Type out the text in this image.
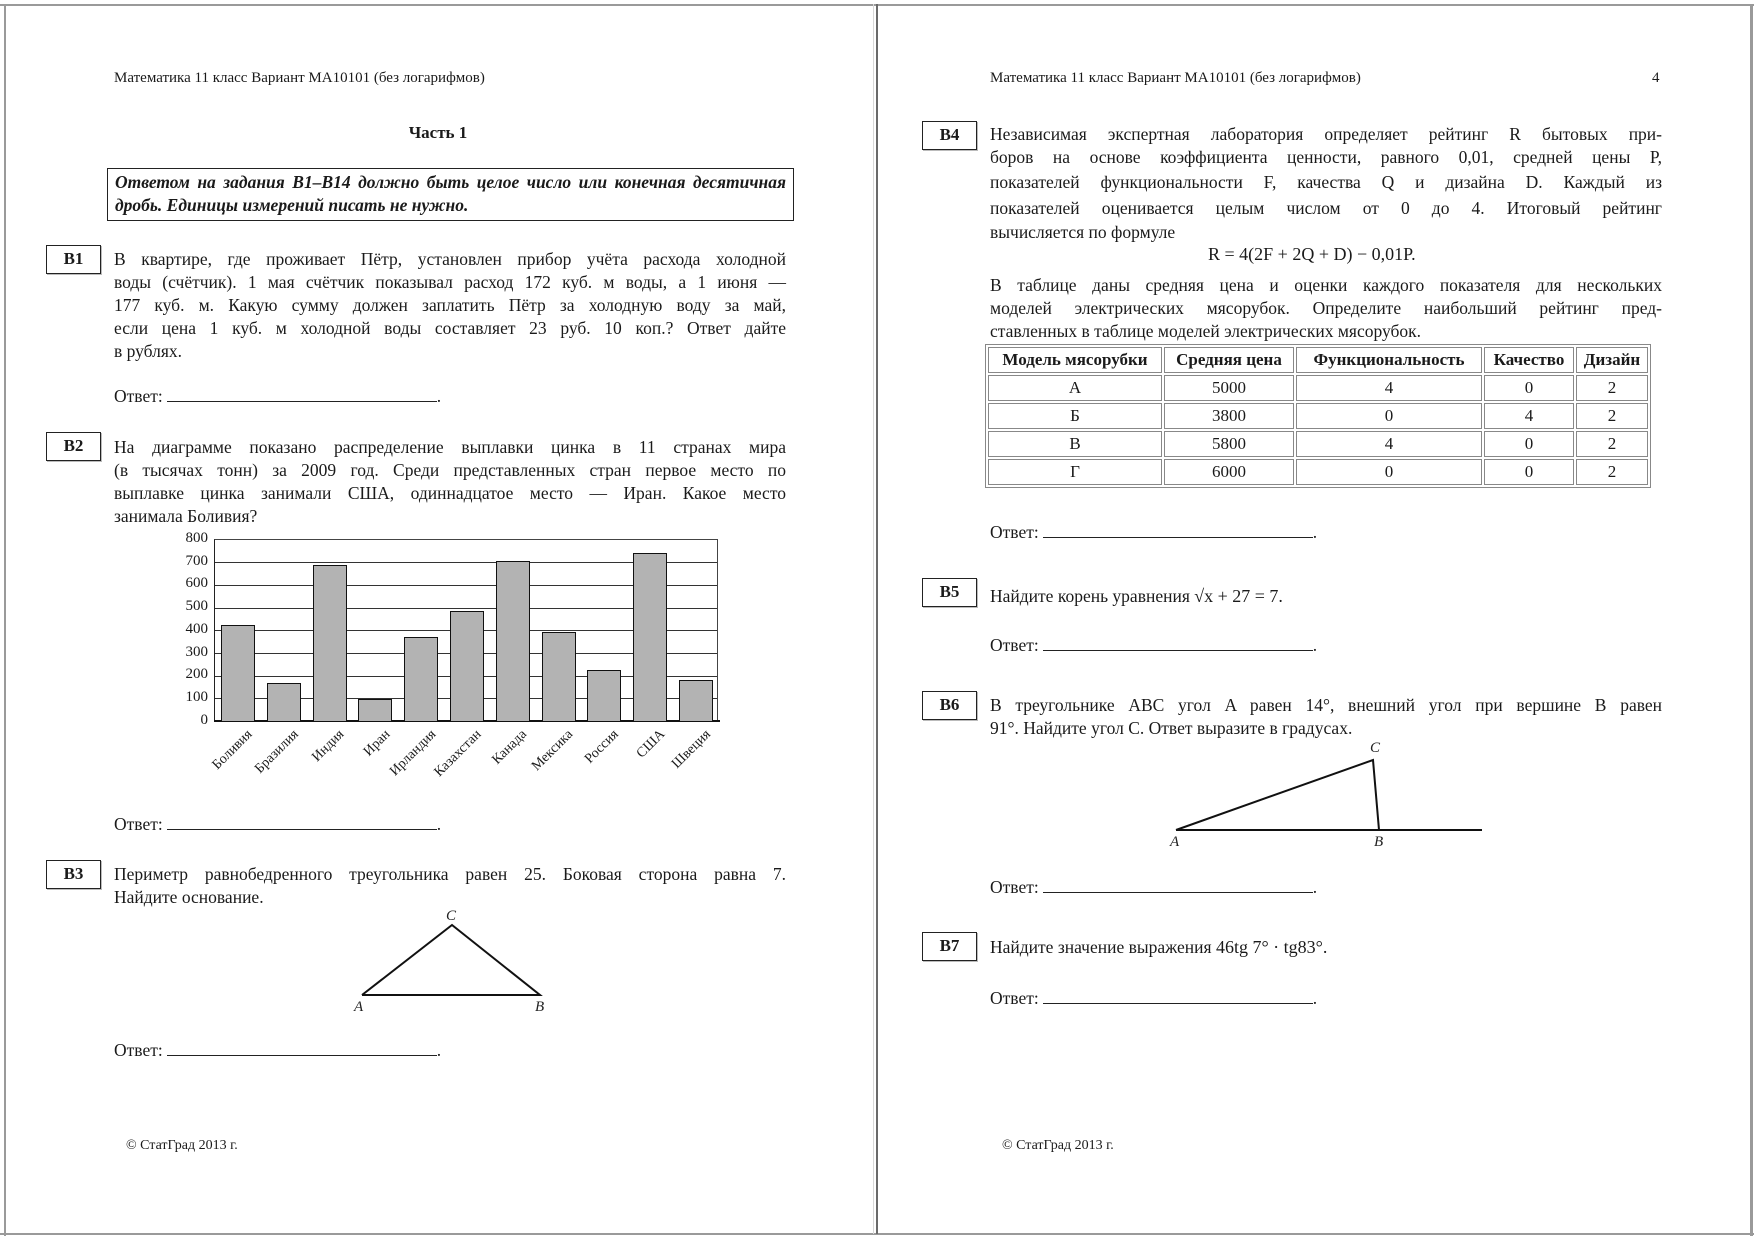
Математика 11 класс Вариант МА10101 (без логарифмов)
Часть 1
Ответом на задания B1–B14 должно быть целое число или конечная десятичная дробь. Единицы измерений писать не нужно.
B1	В квартире, где проживает Пётр, установлен прибор учёта расхода холодной
воды (счётчик). 1 мая счётчик показывал расход 172 куб. м воды, а 1 июня —
177 куб. м. Какую сумму должен заплатить Пётр за холодную воду за май,
если цена 1 куб. м холодной воды составляет 23 руб. 10 коп.? Ответ дайте
в рублях.
Ответ:	.
B2	На диаграмме показано распределение выплавки цинка в 11 странах мира
(в тысячах тонн) за 2009 год. Среди представленных стран первое место по
выплавке цинка занимали США, одиннадцатое место — Иран. Какое место
занимала Боливия?
800
700
600
500
400
300
200
100
0
Боливия
Бразилия Индия Иран
Ирландия
Казахстан Канада
Мексика Россия США Швеция
Ответ:	.
B3	Периметр равнобедренного треугольника равен 25. Боковая сторона равна 7.
Найдите основание.
C
A	B
Ответ:	.
© СтатГрад 2013 г.
Математика 11 класс Вариант МА10101 (без логарифмов)	4
B4	Независимая экспертная лаборатория определяет рейтинг R бытовых при-
боров на основе коэффициента ценности, равного 0,01, средней цены P,
показателей функциональности F, качества Q и дизайна D. Каждый из
показателей оценивается целым числом от 0 до 4. Итоговый рейтинг
вычисляется по формуле
R = 4(2F + 2Q + D) − 0,01P.
В таблице даны средняя цена и оценки каждого показателя для нескольких
моделей электрических мясорубок. Определите наибольший рейтинг пред-
ставленных в таблице моделей электрических мясорубок.
Модель мясорубки	Средняя цена	Функциональность	Качество	Дизайн
А	5000	4	0	2
Б	3800	0	4	2
В	5800	4	0	2
Г	6000	0	0	2
Ответ:	.
B5	Найдите корень уравнения √x + 27 = 7.
Ответ:	.
B6	В треугольнике ABC угол A равен 14°, внешний угол при вершине B равен
91°. Найдите угол C. Ответ выразите в градусах.
C
A	B
Ответ:	.
B7	Найдите значение выражения 46tg 7° · tg83°.
Ответ:	.
© СтатГрад 2013 г.
